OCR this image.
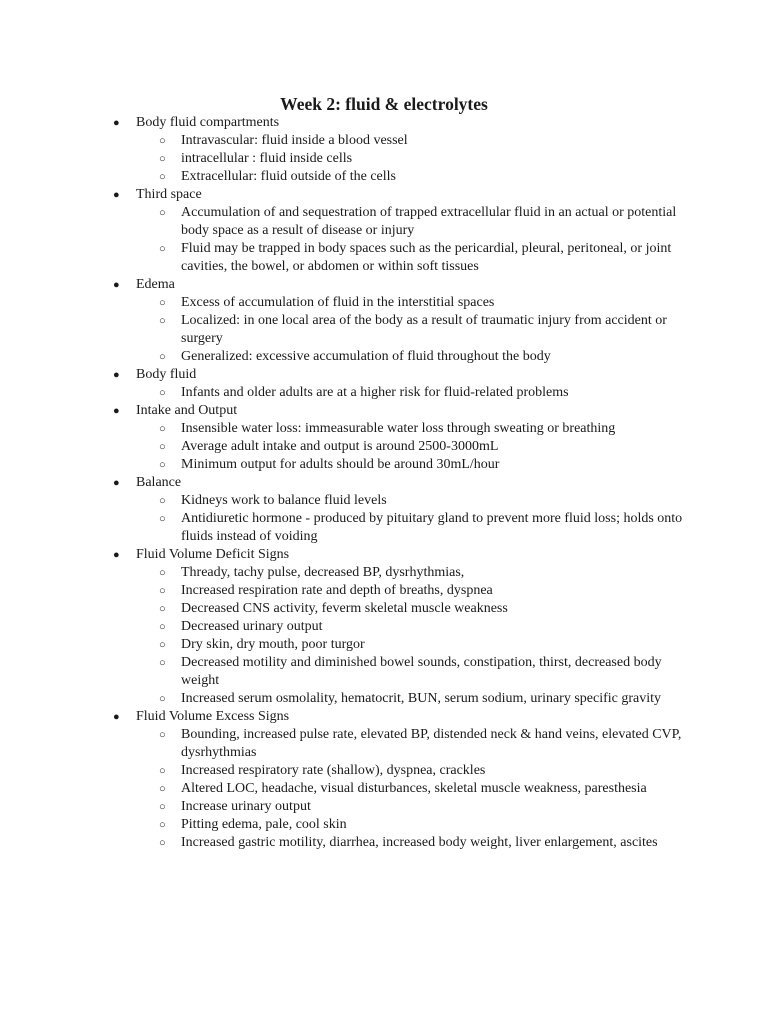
Week 2: fluid & electrolytes
● Body fluid compartments
○ Intravascular: fluid inside a blood vessel
○ intracellular : fluid inside cells
○ Extracellular: fluid outside of the cells
● Third space
○ Accumulation of and sequestration of trapped extracellular fluid in an actual or potential body space as a result of disease or injury
○ Fluid may be trapped in body spaces such as the pericardial, pleural, peritoneal, or joint cavities, the bowel, or abdomen or within soft tissues
● Edema
○ Excess of accumulation of fluid in the interstitial spaces
○ Localized: in one local area of the body as a result of traumatic injury from accident or surgery
○ Generalized: excessive accumulation of fluid throughout the body
● Body fluid
○ Infants and older adults are at a higher risk for fluid-related problems
● Intake and Output
○ Insensible water loss: immeasurable water loss through sweating or breathing
○ Average adult intake and output is around 2500-3000mL
○ Minimum output for adults should be around 30mL/hour
● Balance
○ Kidneys work to balance fluid levels
○ Antidiuretic hormone - produced by pituitary gland to prevent more fluid loss; holds onto fluids instead of voiding
● Fluid Volume Deficit Signs
○ Thready, tachy pulse, decreased BP, dysrhythmias,
○ Increased respiration rate and depth of breaths, dyspnea
○ Decreased CNS activity, feverm skeletal muscle weakness
○ Decreased urinary output
○ Dry skin, dry mouth, poor turgor
○ Decreased motility and diminished bowel sounds, constipation, thirst, decreased body weight
○ Increased serum osmolality, hematocrit, BUN, serum sodium, urinary specific gravity
● Fluid Volume Excess Signs
○ Bounding, increased pulse rate, elevated BP, distended neck & hand veins, elevated CVP, dysrhythmias
○ Increased respiratory rate (shallow), dyspnea, crackles
○ Altered LOC, headache, visual disturbances, skeletal muscle weakness, paresthesia
○ Increase urinary output
○ Pitting edema, pale, cool skin
○ Increased gastric motility, diarrhea, increased body weight, liver enlargement, ascites
